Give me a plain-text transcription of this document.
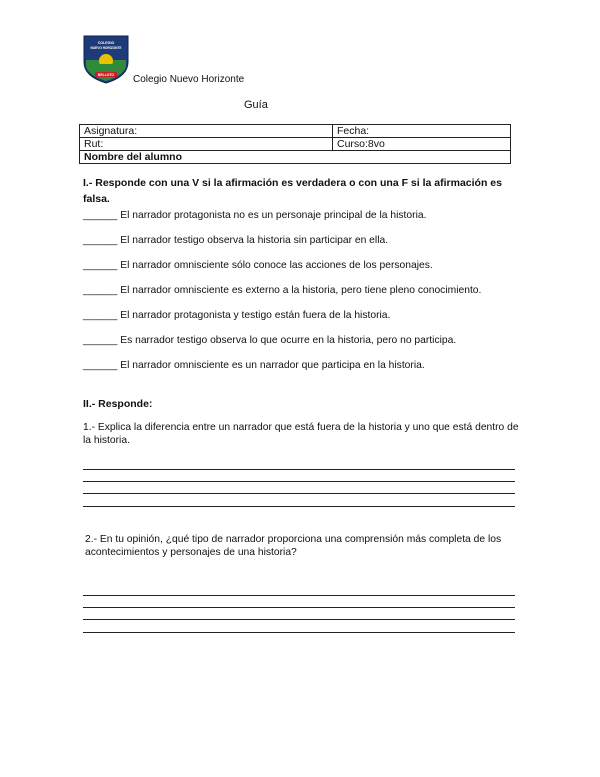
COLEGIO
NUEVO HORIZONTE
BELLOTO Colegio Nuevo Horizonte
Guía
Asignatura:	Fecha:
Rut:	Curso:8vo
Nombre del alumno	
I.- Responde con una V si la afirmación es verdadera o con una F si la afirmación es falsa.
______ El narrador protagonista no es un personaje principal de la historia.
______ El narrador testigo observa la historia sin participar en ella.
______ El narrador omnisciente sólo conoce las acciones de los personajes.
______ El narrador omnisciente es externo a la historia, pero tiene pleno conocimiento.
______ El narrador protagonista y testigo están fuera de la historia.
______ Es narrador testigo observa lo que ocurre en la historia, pero no participa.
______ El narrador omnisciente es un narrador que participa en la historia.
II.- Responde:
1.- Explica la diferencia entre un narrador que está fuera de la historia y uno que está dentro de la historia.
2.- En tu opinión, ¿qué tipo de narrador proporciona una comprensión más completa de los acontecimientos y personajes de una historia?
